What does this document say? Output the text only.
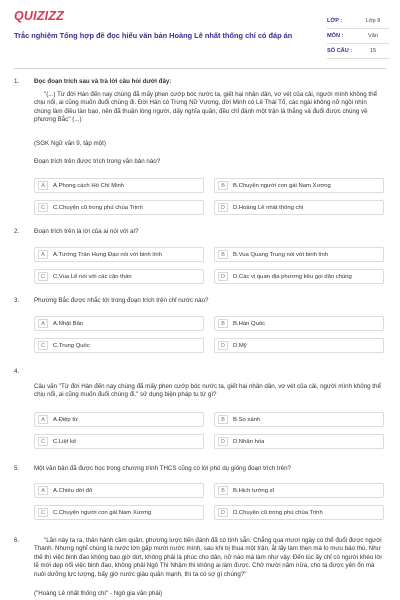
QUIZIZZ
Trắc nghiệm Tổng hợp đề đọc hiểu văn bản Hoàng Lê nhất thống chí có đáp án
LỚP :	Lớp 9
MÔN :	Văn
SỐ CÂU :	15
1. Đọc đoạn trích sau và trả lời câu hỏi dưới đây:
"(...) Từ đời Hán đến nay chúng đã mấy phen cướp bóc nước ta, giết hại nhân dân, vơ vét của cải, người mình không thể chịu nổi, ai cũng muốn đuổi chúng đi. Đời Hán có Trưng Nữ Vương, đời Minh có Lê Thái Tổ, các ngài không nỡ ngồi nhìn chúng làm điều tàn bạo, nên đã thuận lòng người, dấy nghĩa quân, đều chỉ đánh một trận là thắng và đuổi được chúng về phương Bắc" (...)
(SGK Ngữ văn 9, tập một)
Đoạn trích trên được trích trong văn bản nào?
A	A.Phong cách Hồ Chí Minh	B	B.Chuyện người con gái Nam Xương
C	C.Chuyện cũ trong phủ chúa Trịnh	D	D.Hoàng Lê nhất thống chí
2. Đoạn trích trên là lời của ai nói với ai?
A	A.Tướng Trần Hưng Đạo nói với binh lính	B	B.Vua Quang Trung nói với binh lính
C	C.Vua Lê nói với các cận thần	D	D.Các vị quan địa phương kêu gọi dân chúng
3. Phương Bắc được nhắc tới trong đoạn trích trên chỉ nước nào?
A	A.Nhật Bản	B	B.Hàn Quốc
C	C.Trung Quốc	D	D.Mỹ
4.
Câu văn "Từ đời Hán đến nay chúng đã mấy phen cướp bóc nước ta, giết hại nhân dân, vơ vét của cải, người mình không thể chịu nổi, ai cũng muốn đuổi chúng đi." sử dụng biện pháp tu từ gì?
A	A.Điệp từ	B	B.So sánh
C	C.Liệt kê	D	D.Nhân hóa
5. Một văn bản đã được học trong chương trình THCS cũng có lời phủ dụ giống đoạn trích trên?
A	A.Chiếu dời đô	B	B.Hịch tướng sĩ
C	C.Chuyện người con gái Nam Xương	D	D.Chuyện cũ trong phủ chúa Trịnh
6.	"Lần này ta ra, thân hành cầm quân, phương lược tiến đánh đã có tính sẵn. Chẳng qua mươi ngày có thể đuổi được người Thanh. Nhưng nghĩ chúng là nước lớn gấp mười nước mình, sau khi bị thua một trận, ắt lấy làm thẹn mà lo mưu báo thù. Như thế thì việc binh đao không bao giờ dứt, không phải là phúc cho dân, nỡ nào mà làm như vậy. Đến lúc ấy chỉ có người khéo lời lẽ mới dẹp nổi việc binh đao, không phải Ngô Thì Nhậm thì không ai làm được. Chờ mười năm nữa, cho ta được yên ổn mà nuôi dưỡng lực lượng, bấy giờ nước giàu quân mạnh, thì ta có sợ gì chúng?"
("Hoàng Lê nhất thống chí" - Ngô gia văn phái)
